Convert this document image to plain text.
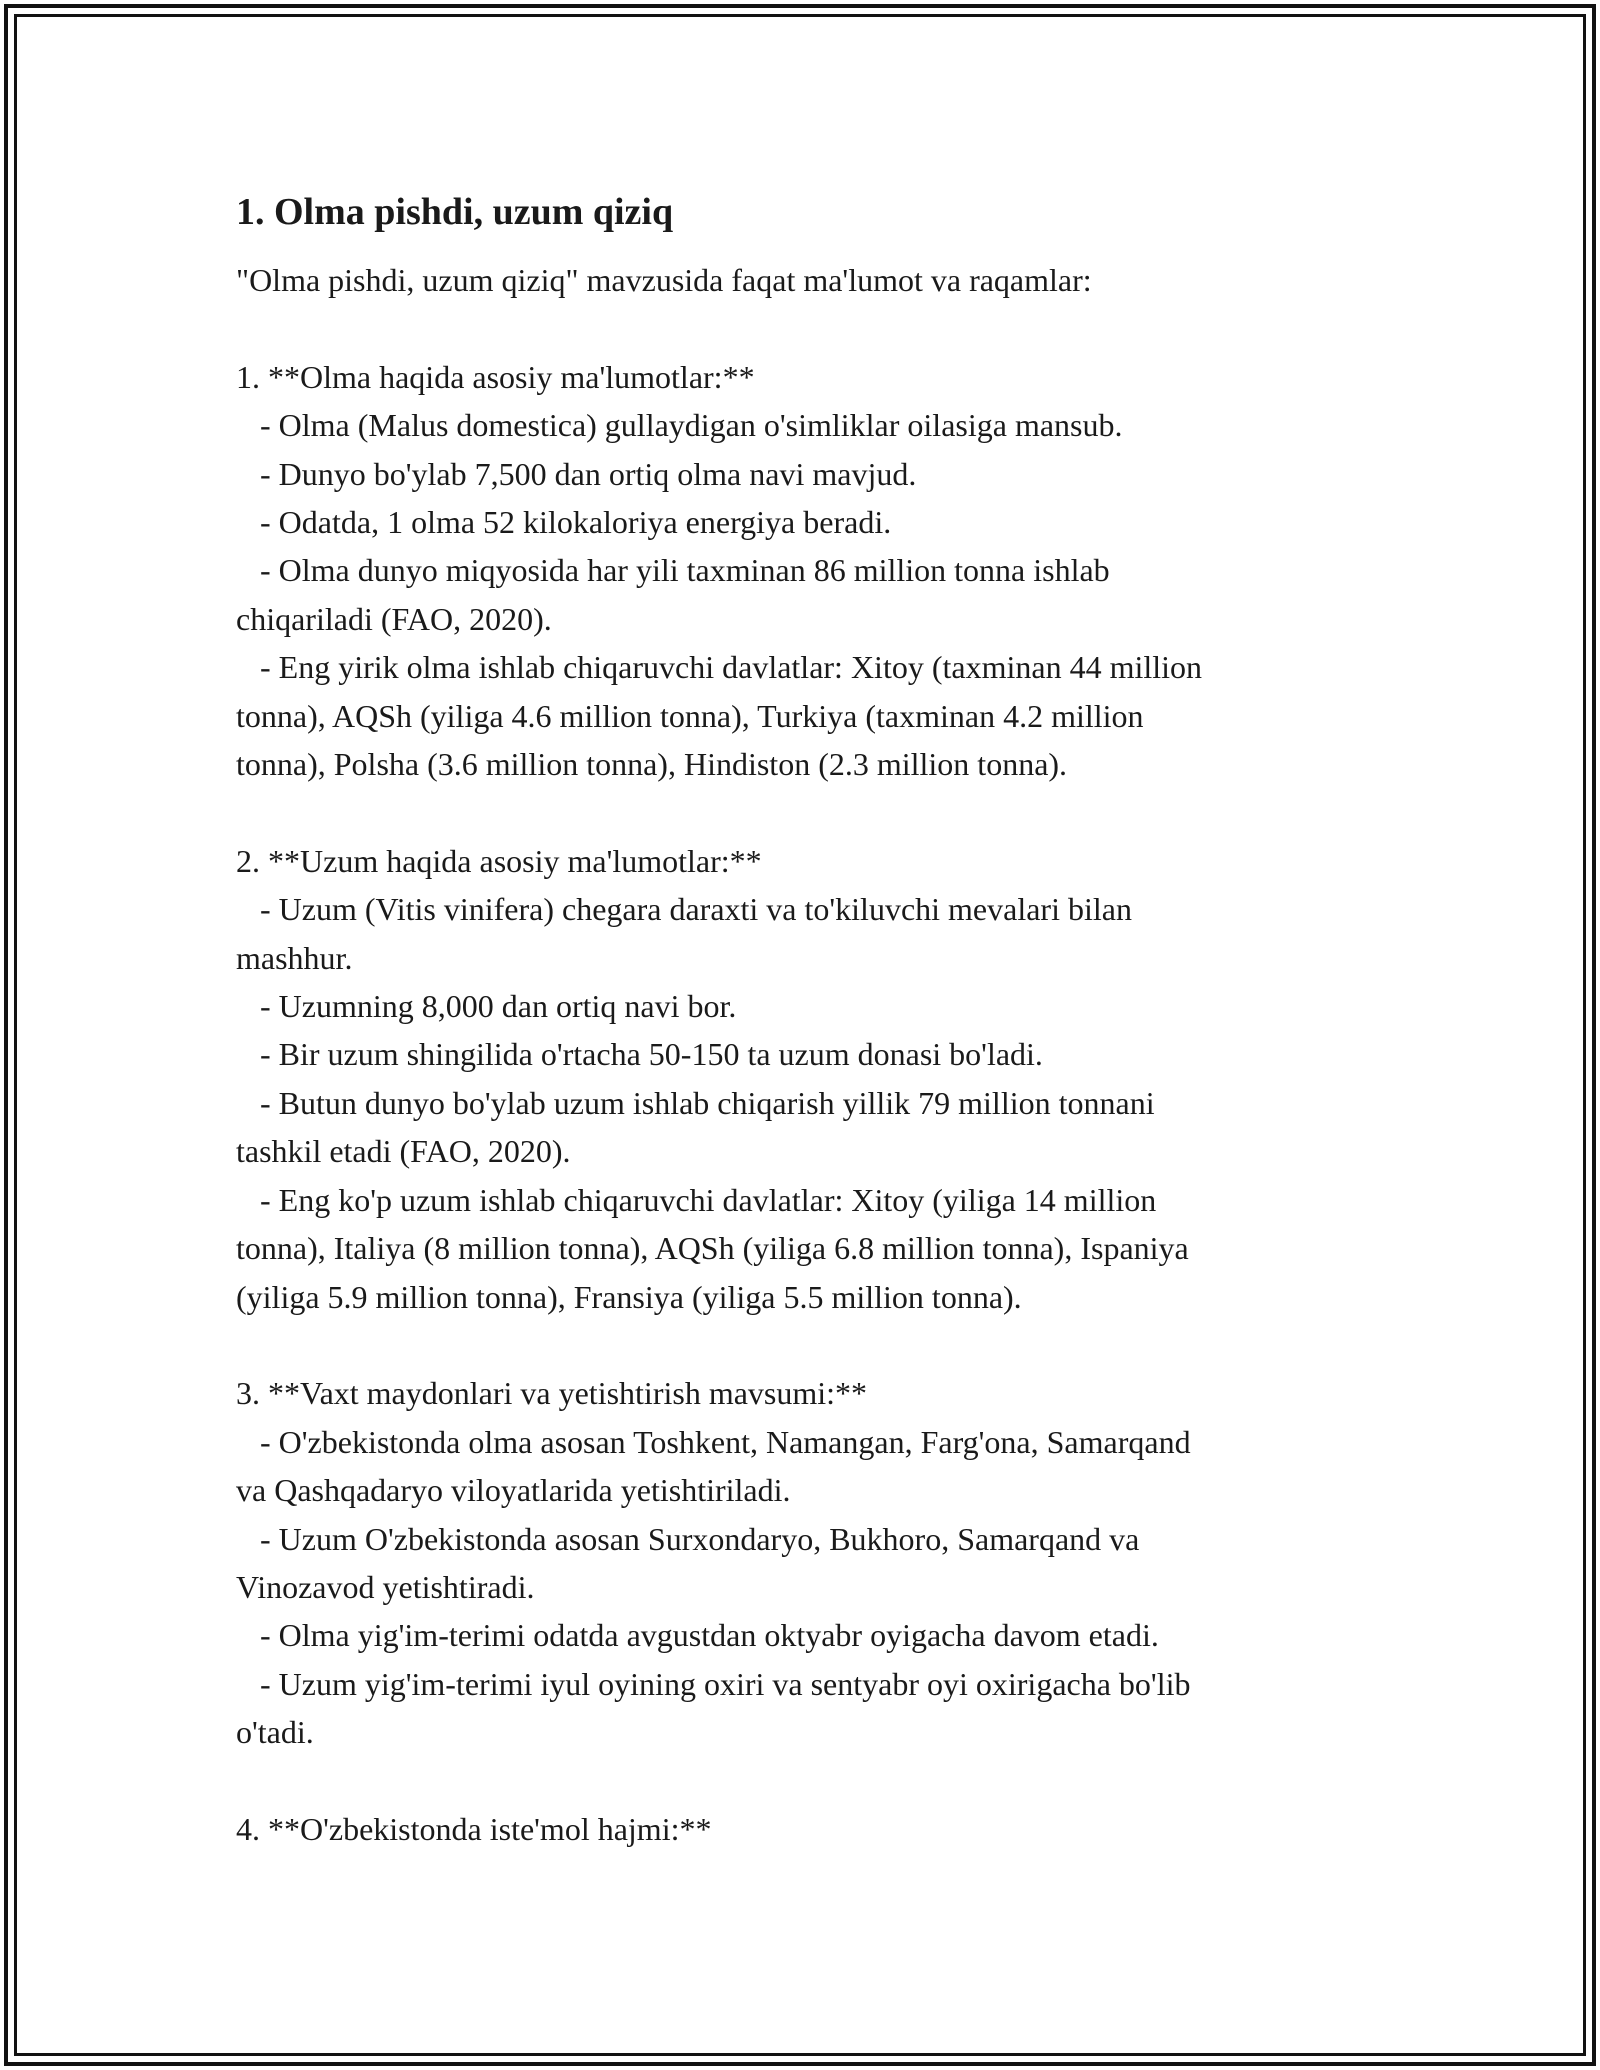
1. Olma pishdi, uzum qiziq

"Olma pishdi, uzum qiziq" mavzusida faqat ma'lumot va raqamlar:

1. **Olma haqida asosiy ma'lumotlar:**

- Olma (Malus domestica) gullaydigan o'simliklar oilasiga mansub.

- Dunyo bo'ylab 7,500 dan ortiq olma navi mavjud.

- Odatda, 1 olma 52 kilokaloriya energiya beradi.

- Olma dunyo miqyosida har yili taxminan 86 million tonna ishlab

chiqariladi (FAO, 2020).

- Eng yirik olma ishlab chiqaruvchi davlatlar: Xitoy (taxminan 44 million

tonna), AQSh (yiliga 4.6 million tonna), Turkiya (taxminan 4.2 million

tonna), Polsha (3.6 million tonna), Hindiston (2.3 million tonna).

2. **Uzum haqida asosiy ma'lumotlar:**

- Uzum (Vitis vinifera) chegara daraxti va to'kiluvchi mevalari bilan

mashhur.

- Uzumning 8,000 dan ortiq navi bor.

- Bir uzum shingilida o'rtacha 50-150 ta uzum donasi bo'ladi.

- Butun dunyo bo'ylab uzum ishlab chiqarish yillik 79 million tonnani

tashkil etadi (FAO, 2020).

- Eng ko'p uzum ishlab chiqaruvchi davlatlar: Xitoy (yiliga 14 million

tonna), Italiya (8 million tonna), AQSh (yiliga 6.8 million tonna), Ispaniya

(yiliga 5.9 million tonna), Fransiya (yiliga 5.5 million tonna).

3. **Vaxt maydonlari va yetishtirish mavsumi:**

- O'zbekistonda olma asosan Toshkent, Namangan, Farg'ona, Samarqand

va Qashqadaryo viloyatlarida yetishtiriladi.

- Uzum O'zbekistonda asosan Surxondaryo, Bukhoro, Samarqand va

Vinozavod yetishtiradi.

- Olma yig'im-terimi odatda avgustdan oktyabr oyigacha davom etadi.

- Uzum yig'im-terimi iyul oyining oxiri va sentyabr oyi oxirigacha bo'lib

o'tadi.

4. **O'zbekistonda iste'mol hajmi:**
